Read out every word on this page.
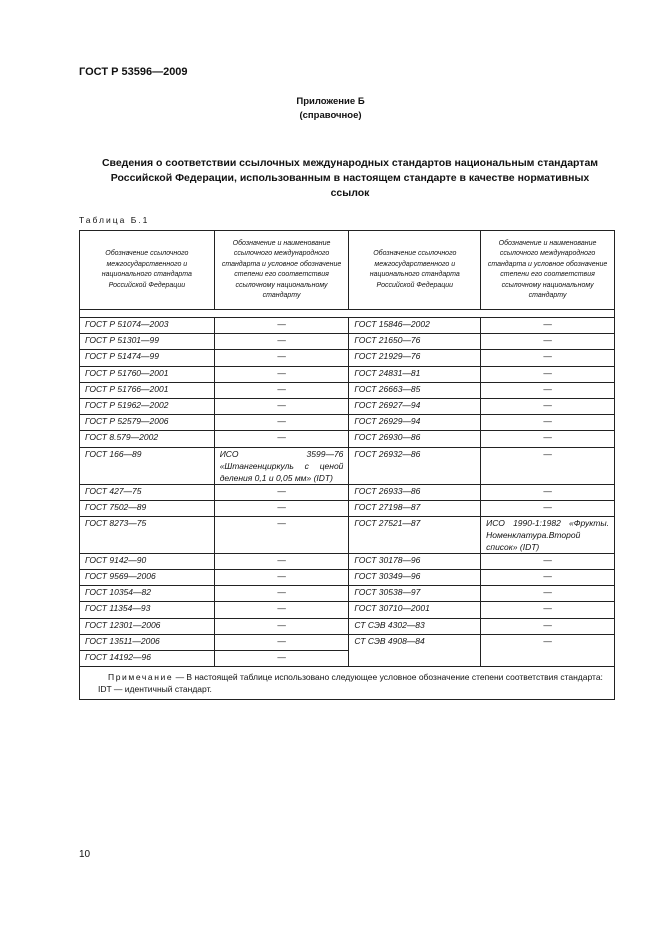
ГОСТ Р 53596—2009
Приложение Б
(справочное)
Сведения о соответствии ссылочных международных стандартов национальным стандартам
Российской Федерации, использованным в настоящем стандарте в качестве нормативных
ссылок
Таблица Б.1
Обозначение ссылочного межгосударственного и национального стандарта Российской Федерации	Обозначение и наименование ссылочного международного стандарта и условное обозначение степени его соответствия ссылочному национальному стандарту	Обозначение ссылочного межгосударственного и национального стандарта Российской Федерации	Обозначение и наименование ссылочного международного стандарта и условное обозначение степени его соответствия ссылочному национальному стандарту

ГОСТ Р 51074—2003	—	ГОСТ 15846—2002	—
ГОСТ Р 51301—99	—	ГОСТ 21650—76	—
ГОСТ Р 51474—99	—	ГОСТ 21929—76	—
ГОСТ Р 51760—2001	—	ГОСТ 24831—81	—
ГОСТ Р 51766—2001	—	ГОСТ 26663—85	—
ГОСТ Р 51962—2002	—	ГОСТ 26927—94	—
ГОСТ Р 52579—2006	—	ГОСТ 26929—94	—
ГОСТ 8.579—2002	—	ГОСТ 26930—86	—
ГОСТ 166—89	ИСО 3599—76 «Штангенциркуль с ценой деления 0,1 и 0,05 мм» (IDT)	ГОСТ 26932—86	—
ГОСТ 427—75	—	ГОСТ 26933—86	—
ГОСТ 7502—89	—	ГОСТ 27198—87	—
ГОСТ 8273—75	—	ГОСТ 27521—87	ИСО 1990-1:1982 «Фрукты. Номенклатура.Второй список» (IDT)
ГОСТ 9142—90	—	ГОСТ 30178—96	—
ГОСТ 9569—2006	—	ГОСТ 30349—96	—
ГОСТ 10354—82	—	ГОСТ 30538—97	—
ГОСТ 11354—93	—	ГОСТ 30710—2001	—
ГОСТ 12301—2006	—	СТ СЭВ 4302—83	—
ГОСТ 13511—2006	—	СТ СЭВ 4908—84	—
ГОСТ 14192—96	—		

Примечание — В настоящей таблице использовано следующее условное обозначение степени соответствия стандарта:
IDT — идентичный стандарт.			
10
